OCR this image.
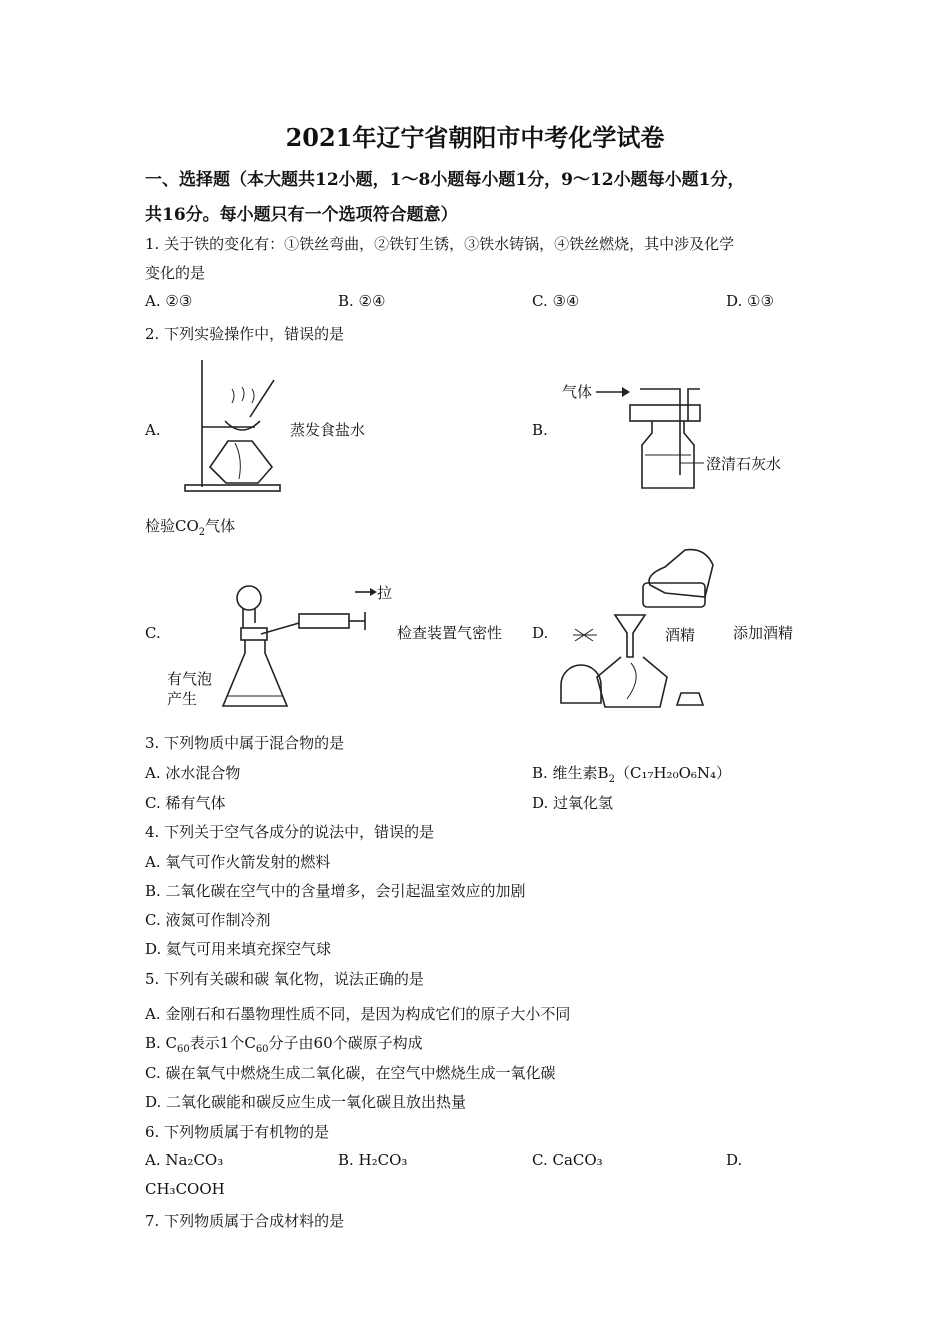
2021年辽宁省朝阳市中考化学试卷
一、选择题（本大题共12小题，1～8小题每小题1分，9～12小题每小题1分，
共16分。每小题只有一个选项符合题意）
1. 关于铁的变化有：①铁丝弯曲，②铁钉生锈，③铁水铸锅，④铁丝燃烧，其中涉及化学
变化的是
A. ②③	B. ②④	C. ③④	D. ①③
2. 下列实验操作中，错误的是
A.	蒸发食盐水	B.
气体
澄清石灰水
检验$CO_2$气体
C.
拉
有气泡
产生
检查装置气密性 D.	酒精	添加酒精
3. 下列物质中属于混合物的是
A. 冰水混合物	B. 维生素$B_2(C_{17}H_{20}O_6N_4)$
C. 稀有气体	D. 过氧化氢
4. 下列关于空气各成分的说法中，错误的是
A. 氧气可作火箭发射的燃料
B. 二氧化碳在空气中的含量增多，会引起温室效应的加剧
C. 液氮可作制冷剂
D. 氦气可用来填充探空气球
5. 下列有关碳和碳 氧化物，说法正确的是
A. 金刚石和石墨物理性质不同，是因为构成它们的原子大小不同
B. $C_{60}$表示1个$C_{60}$分子由60个碳原子构成
C. 碳在氧气中燃烧生成二氧化碳，在空气中燃烧生成一氧化碳
D. 二氧化碳能和碳反应生成一氧化碳且放出热量
6. 下列物质属于有机物的是
A. Na₂CO₃	B. H₂CO₃	C. CaCO₃	D.
CH₃COOH
7. 下列物质属于合成材料的是
